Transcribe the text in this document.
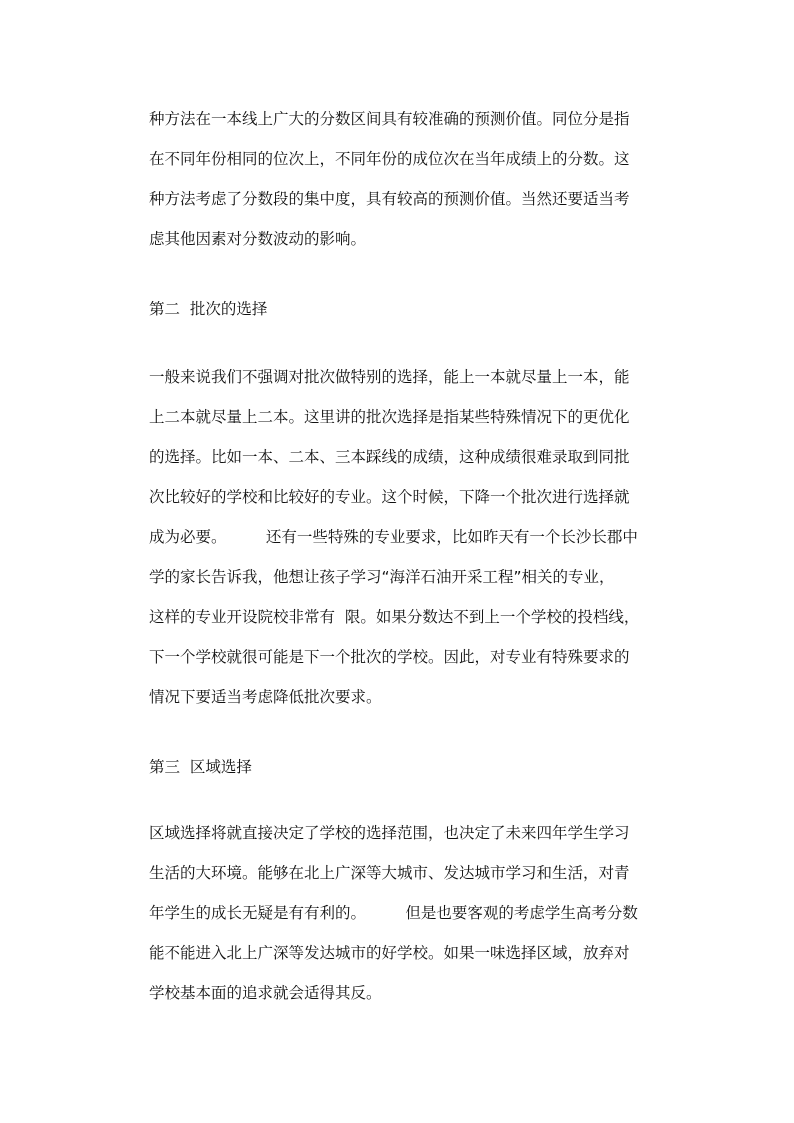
种方法在一本线上广大的分数区间具有较准确的预测价值。同位分是指
在不同年份相同的位次上，不同年份的成位次在当年成绩上的分数。这
种方法考虑了分数段的集中度，具有较高的预测价值。当然还要适当考
虑其他因素对分数波动的影响。
第二  批次的选择
一般来说我们不强调对批次做特别的选择，能上一本就尽量上一本，能
上二本就尽量上二本。这里讲的批次选择是指某些特殊情况下的更优化
的选择。比如一本、二本、三本踩线的成绩，这种成绩很难录取到同批
次比较好的学校和比较好的专业。这个时候，下降一个批次进行选择就
成为必要。        还有一些特殊的专业要求，比如昨天有一个长沙长郡中
学的家长告诉我，他想让孩子学习“海洋石油开采工程”相关的专业，
这样的专业开设院校非常有  限。如果分数达不到上一个学校的投档线，
下一个学校就很可能是下一个批次的学校。因此，对专业有特殊要求的
情况下要适当考虑降低批次要求。
第三  区域选择
区域选择将就直接决定了学校的选择范围，也决定了未来四年学生学习
生活的大环境。能够在北上广深等大城市、发达城市学习和生活，对青
年学生的成长无疑是有有利的。        但是也要客观的考虑学生高考分数
能不能进入北上广深等发达城市的好学校。如果一味选择区域，放弃对
学校基本面的追求就会适得其反。
